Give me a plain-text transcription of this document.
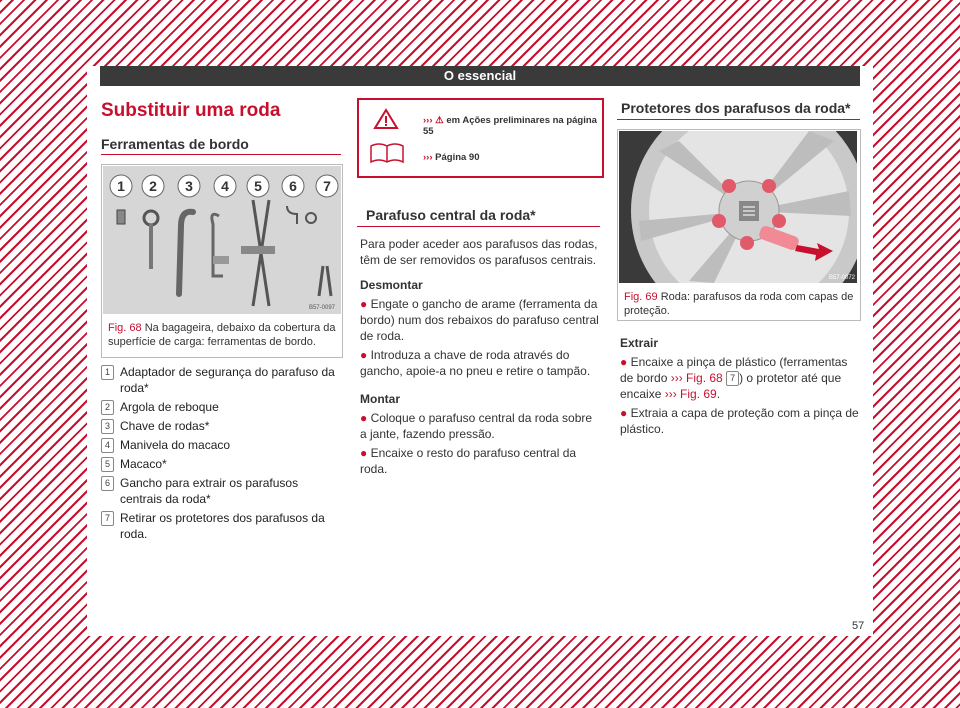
O essencial
Substituir uma roda
Ferramentas de bordo
1 2 3 4 5 6 7
B57-0097
Fig. 68 Na bagageira, debaixo da cobertura da superfície de carga: ferramentas de bordo.
1 Adaptador de segurança do parafuso da roda*
2 Argola de reboque
3 Chave de rodas*
4 Manivela do macaco
5 Macaco*
6 Gancho para extrair os parafusos centrais da roda*
7 Retirar os protetores dos parafusos da roda.
››› ⚠ em Ações preliminares na página 55
››› Página 90
Parafuso central da roda*
Para poder aceder aos parafusos das rodas, têm de ser removidos os parafusos centrais.
Desmontar
● Engate o gancho de arame (ferramenta da bordo) num dos rebaixos do parafuso central de roda.
● Introduza a chave de roda através do gancho, apoie-a no pneu e retire o tampão.
Montar
● Coloque o parafuso central da roda sobre a jante, fazendo pressão.
● Encaixe o resto do parafuso central da roda.
Protetores dos parafusos da roda*
B57-0072
Fig. 69 Roda: parafusos da roda com capas de proteção.
Extrair
● Encaixe a pinça de plástico (ferramentas de bordo ››› Fig. 68 7 ) o protetor até que encaixe ››› Fig. 69.
● Extraia a capa de proteção com a pinça de plástico.
57
